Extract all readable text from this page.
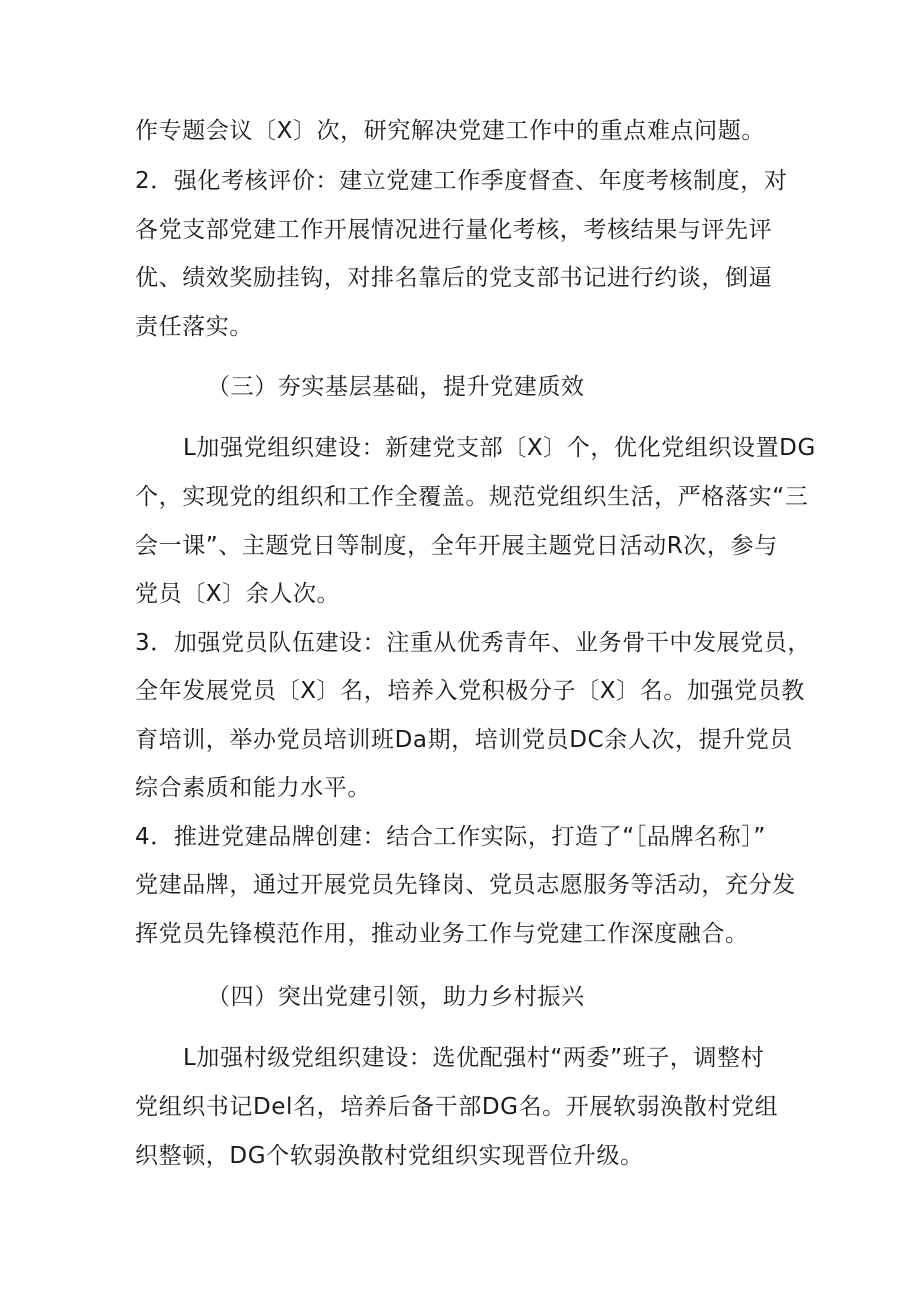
作专题会议〔X〕次，研究解决党建工作中的重点难点问题。
2．强化考核评价：建立党建工作季度督查、年度考核制度，对
各党支部党建工作开展情况进行量化考核，考核结果与评先评
优、绩效奖励挂钩，对排名靠后的党支部书记进行约谈，倒逼
责任落实。
（三）夯实基层基础，提升党建质效
L加强党组织建设：新建党支部〔X〕个，优化党组织设置DG
个，实现党的组织和工作全覆盖。规范党组织生活，严格落实“三
会一课”、主题党日等制度，全年开展主题党日活动R次，参与
党员〔X〕余人次。
3．加强党员队伍建设：注重从优秀青年、业务骨干中发展党员，
全年发展党员〔X〕名，培养入党积极分子〔X〕名。加强党员教
育培训，举办党员培训班Da期，培训党员DC余人次，提升党员
综合素质和能力水平。
4．推进党建品牌创建：结合工作实际，打造了“［品牌名称］”
党建品牌，通过开展党员先锋岗、党员志愿服务等活动，充分发
挥党员先锋模范作用，推动业务工作与党建工作深度融合。
（四）突出党建引领，助力乡村振兴
L加强村级党组织建设：选优配强村“两委”班子，调整村
党组织书记Del名，培养后备干部DG名。开展软弱涣散村党组
织整顿，DG个软弱涣散村党组织实现晋位升级。
